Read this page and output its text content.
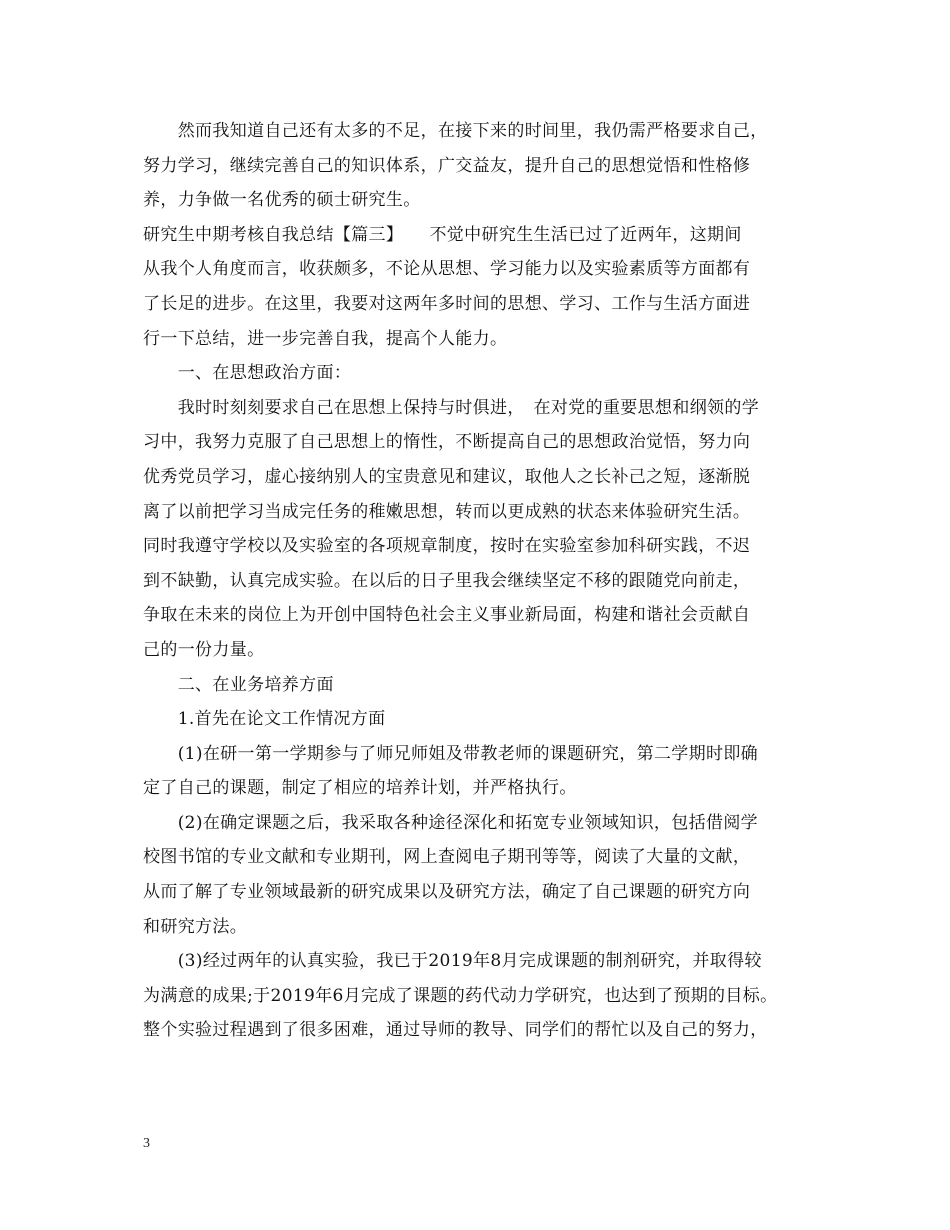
　　然而我知道自己还有太多的不足，在接下来的时间里，我仍需严格要求自己，
努力学习，继续完善自己的知识体系，广交益友，提升自己的思想觉悟和性格修
养，力争做一名优秀的硕士研究生。
研究生中期考核自我总结【篇三】　　不觉中研究生生活已过了近两年，这期间
从我个人角度而言，收获颇多，不论从思想、学习能力以及实验素质等方面都有
了长足的进步。在这里，我要对这两年多时间的思想、学习、工作与生活方面进
行一下总结，进一步完善自我，提高个人能力。
　　一、在思想政治方面：
　　我时时刻刻要求自己在思想上保持与时俱进，　在对党的重要思想和纲领的学
习中，我努力克服了自己思想上的惰性，不断提高自己的思想政治觉悟，努力向
优秀党员学习，虚心接纳别人的宝贵意见和建议，取他人之长补己之短，逐渐脱
离了以前把学习当成完任务的稚嫩思想，转而以更成熟的状态来体验研究生活。
同时我遵守学校以及实验室的各项规章制度，按时在实验室参加科研实践，不迟
到不缺勤，认真完成实验。在以后的日子里我会继续坚定不移的跟随党向前走，
争取在未来的岗位上为开创中国特色社会主义事业新局面，构建和谐社会贡献自
己的一份力量。
　　二、在业务培养方面
　　1.首先在论文工作情况方面
　　(1)在研一第一学期参与了师兄师姐及带教老师的课题研究，第二学期时即确
定了自己的课题，制定了相应的培养计划，并严格执行。
　　(2)在确定课题之后，我采取各种途径深化和拓宽专业领域知识，包括借阅学
校图书馆的专业文献和专业期刊，网上查阅电子期刊等等，阅读了大量的文献，
从而了解了专业领域最新的研究成果以及研究方法，确定了自己课题的研究方向
和研究方法。
　　(3)经过两年的认真实验，我已于2019年8月完成课题的制剂研究，并取得较
为满意的成果;于2019年6月完成了课题的药代动力学研究，也达到了预期的目标。
整个实验过程遇到了很多困难，通过导师的教导、同学们的帮忙以及自己的努力，
3
